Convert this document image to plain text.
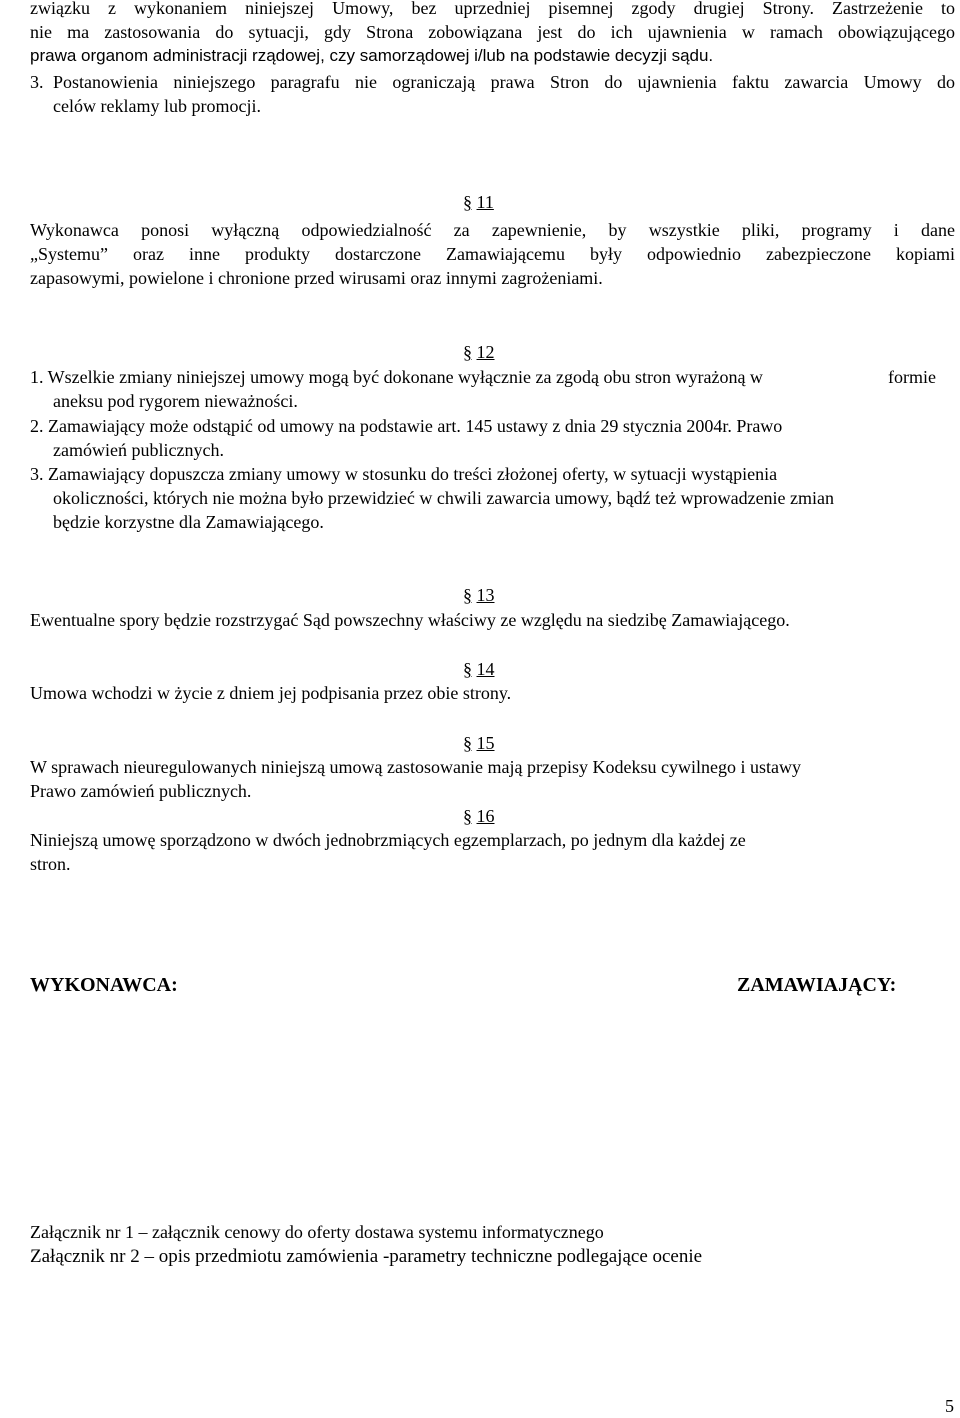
związku z wykonaniem niniejszej Umowy, bez uprzedniej pisemnej zgody drugiej Strony. Zastrzeżenie to
nie ma zastosowania do sytuacji, gdy Strona zobowiązana jest do ich ujawnienia w ramach obowiązującego
prawa organom administracji rządowej, czy samorządowej i/lub na podstawie decyzji sądu.
3. Postanowienia niniejszego paragrafu nie ograniczają prawa Stron do ujawnienia faktu zawarcia Umowy do
celów reklamy lub promocji.
§ 11
Wykonawca ponosi wyłączną odpowiedzialność za zapewnienie, by wszystkie pliki, programy i dane
„Systemu” oraz inne produkty dostarczone Zamawiającemu były odpowiednio zabezpieczone kopiami
zapasowymi, powielone i chronione przed wirusami oraz innymi zagrożeniami.
§ 12
1. Wszelkie zmiany niniejszej umowy mogą być dokonane wyłącznie za zgodą obu stron wyrażoną w	formie
aneksu pod rygorem nieważności.
2. Zamawiający może odstąpić od umowy na podstawie art. 145 ustawy z dnia 29 stycznia 2004r. Prawo
zamówień publicznych.
3. Zamawiający dopuszcza zmiany umowy w stosunku do treści złożonej oferty, w sytuacji wystąpienia
okoliczności, których nie można było przewidzieć w chwili zawarcia umowy, bądź też wprowadzenie zmian
będzie korzystne dla Zamawiającego.
§ 13
Ewentualne spory będzie rozstrzygać Sąd powszechny właściwy ze względu na siedzibę Zamawiającego.
§ 14
Umowa wchodzi w życie z dniem jej podpisania przez obie strony.
§ 15
W sprawach nieuregulowanych niniejszą umową zastosowanie mają przepisy Kodeksu cywilnego i ustawy
Prawo zamówień publicznych.
§ 16
Niniejszą umowę sporządzono w dwóch jednobrzmiących egzemplarzach, po jednym dla każdej ze
stron.
WYKONAWCA:	ZAMAWIAJĄCY:
Załącznik nr 1 – załącznik cenowy do oferty dostawa systemu informatycznego
Załącznik nr 2 – opis przedmiotu zamówienia -parametry techniczne podlegające ocenie
5
